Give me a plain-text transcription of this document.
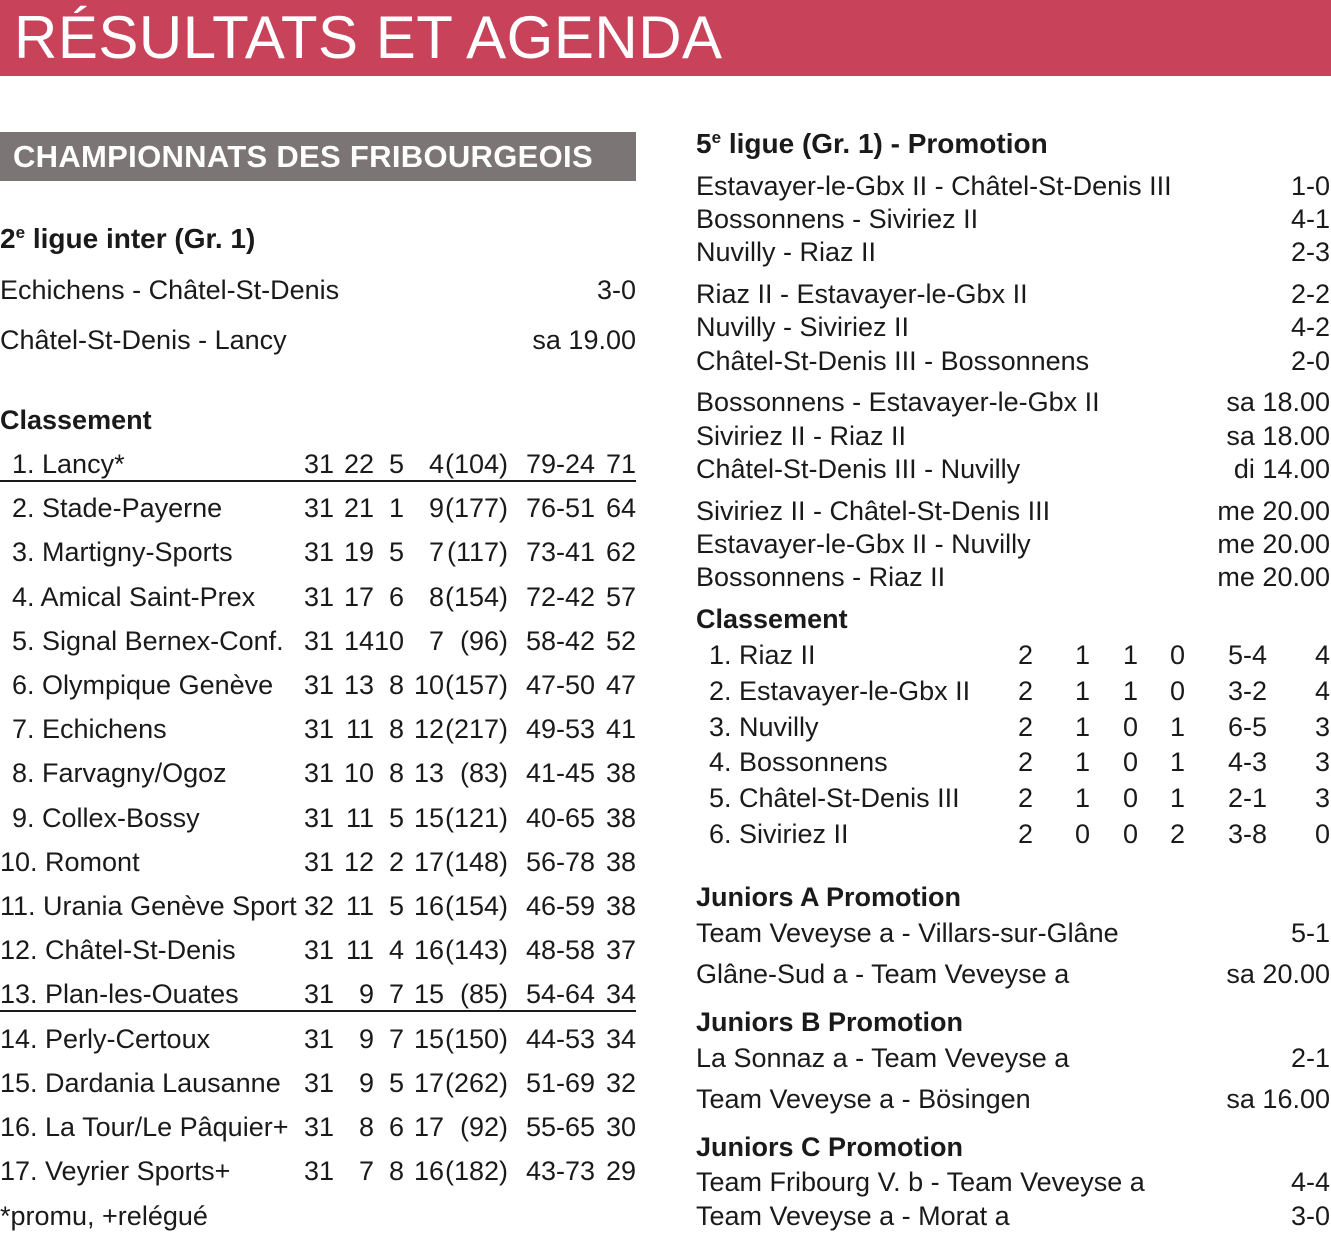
RÉSULTATS ET AGENDA
CHAMPIONNATS DES FRIBOURGEOIS
2e ligue inter (Gr. 1)
Echichens - Châtel-St-Denis	3-0
Châtel-St-Denis - Lancy	sa 19.00
Classement
1. Lancy*	31 22 5 4 (104) 79-24 71
2. Stade-Payerne	31 21 1 9 (177) 76-51 64
3. Martigny-Sports	31 19 5 7 (117) 73-41 62
4. Amical Saint-Prex 31 17 6 8 (154) 72-42 57
5. Signal Bernex-Conf. 31 14 10 7 (96) 58-42 52
6. Olympique Genève 31 13 8 10 (157) 47-50 47
7. Echichens	31 11 8 12 (217) 49-53 41
8. Farvagny/Ogoz	31 10 8 13 (83) 41-45 38
9. Collex-Bossy	31 11 5 15 (121) 40-65 38
10. Romont	31 12 2 17 (148) 56-78 38
11. Urania Genève Sport 32 11 5 16 (154) 46-59 38
12. Châtel-St-Denis	31 11 4 16 (143) 48-58 37
13. Plan-les-Ouates 31 9 7 15 (85) 54-64 34
14. Perly-Certoux	31 9 7 15 (150) 44-53 34
15. Dardania Lausanne 31 9 5 17 (262) 51-69 32
16. La Tour/Le Pâquier+ 31 8 6 17 (92) 55-65 30
17. Veyrier Sports+	31 7 8 16 (182) 43-73 29
*promu, +relégué
5e ligue (Gr. 1) - Promotion
Estavayer-le-Gbx II - Châtel-St-Denis III	1-0
Bossonnens - Siviriez II	4-1
Nuvilly - Riaz II	2-3
Riaz II - Estavayer-le-Gbx II	2-2
Nuvilly - Siviriez II	4-2
Châtel-St-Denis III - Bossonnens	2-0
Bossonnens - Estavayer-le-Gbx II	sa 18.00
Siviriez II - Riaz II	sa 18.00
Châtel-St-Denis III - Nuvilly	di 14.00
Siviriez II - Châtel-St-Denis III	me 20.00
Estavayer-le-Gbx II - Nuvilly	me 20.00
Bossonnens - Riaz II	me 20.00
Classement
1. Riaz II	2 1 1 0 5-4 4
2. Estavayer-le-Gbx II 2 1 1 0 3-2 4
3. Nuvilly	2 1 0 1 6-5 3
4. Bossonnens	2 1 0 1 4-3 3
5. Châtel-St-Denis III 2 1 0 1 2-1 3
6. Siviriez II	2 0 0 2 3-8 0
Juniors A Promotion
Team Veveyse a - Villars-sur-Glâne	5-1
Glâne-Sud a - Team Veveyse a	sa 20.00
Juniors B Promotion
La Sonnaz a - Team Veveyse a	2-1
Team Veveyse a - Bösingen	sa 16.00
Juniors C Promotion
Team Fribourg V. b - Team Veveyse a	4-4
Team Veveyse a - Morat a	3-0
